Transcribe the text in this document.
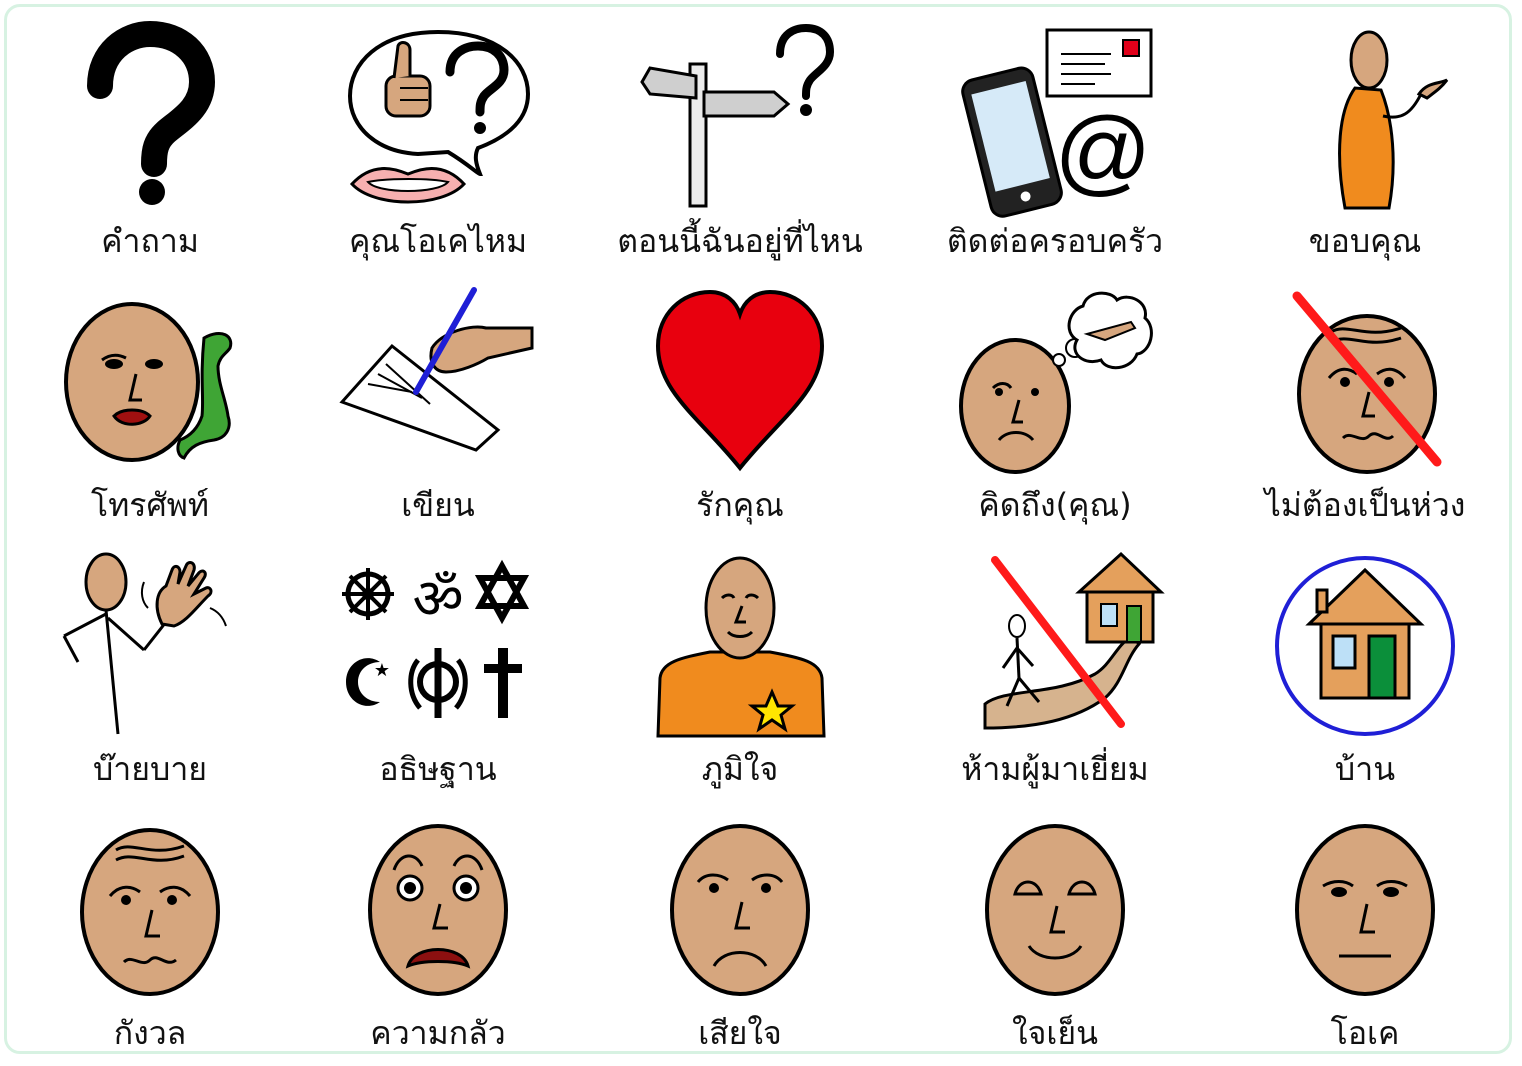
คำถาม	คุณโอเคไหม	ตอนนี้ฉันอยู่ที่ไหน
@
ติดต่อครอบครัว	ขอบคุณ
โทรศัพท์	เขียน	รักคุณ	คิดถึง(คุณ)	ไม่ต้องเป็นห่วง
บ๊ายบาย
ॐ
★
อธิษฐาน	ภูมิใจ	ห้ามผู้มาเยี่ยม	บ้าน
กังวล	ความกลัว	เสียใจ	ใจเย็น	โอเค
